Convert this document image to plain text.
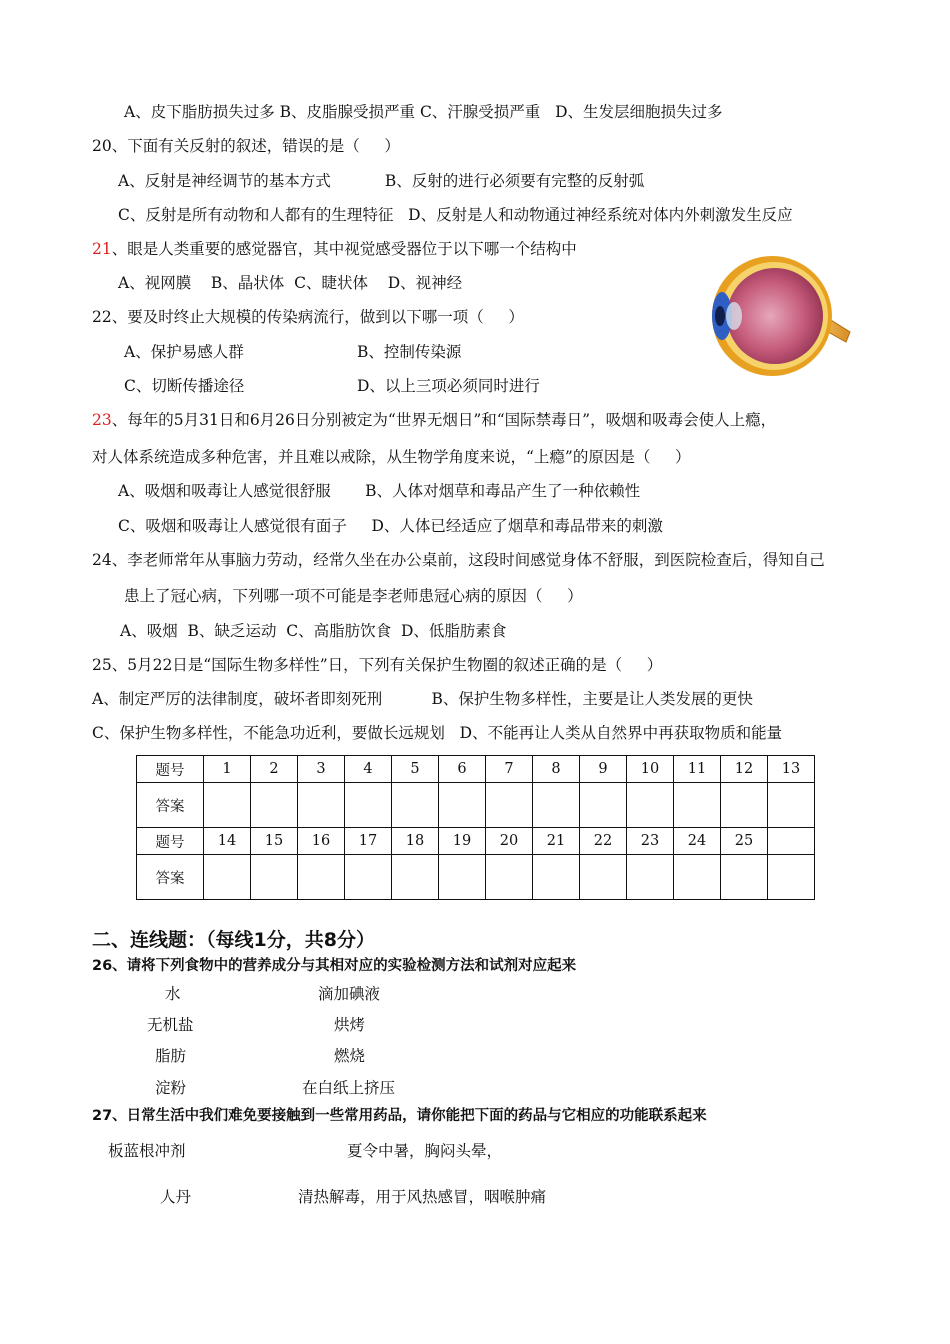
A、皮下脂肪损失过多 B、皮脂腺受损严重 C、汗腺受损严重   D、生发层细胞损失过多
20、下面有关反射的叙述，错误的是（     ）
A、反射是神经调节的基本方式           B、反射的进行必须要有完整的反射弧
C、反射是所有动物和人都有的生理特征   D、反射是人和动物通过神经系统对体内外刺激发生反应
21、眼是人类重要的感觉器官，其中视觉感受器位于以下哪一个结构中
A、视网膜    B、晶状体  C、睫状体    D、视神经
22、要及时终止大规模的传染病流行，做到以下哪一项（     ）
A、保护易感人群	B、控制传染源
C、切断传播途径	D、以上三项必须同时进行
23、每年的5月31日和6月26日分别被定为“世界无烟日”和“国际禁毒日”，吸烟和吸毒会使人上瘾，
对人体系统造成多种危害，并且难以戒除，从生物学角度来说，“上瘾”的原因是（     ）
A、吸烟和吸毒让人感觉很舒服       B、人体对烟草和毒品产生了一种依赖性
C、吸烟和吸毒让人感觉很有面子     D、人体已经适应了烟草和毒品带来的刺激
24、李老师常年从事脑力劳动，经常久坐在办公桌前，这段时间感觉身体不舒服，到医院检查后，得知自己
患上了冠心病，下列哪一项不可能是李老师患冠心病的原因（     ）
A、吸烟  B、缺乏运动  C、高脂肪饮食  D、低脂肪素食
25、5月22日是“国际生物多样性”日，下列有关保护生物圈的叙述正确的是（     ）
A、制定严厉的法律制度，破坏者即刻死刑          B、保护生物多样性，主要是让人类发展的更快
C、保护生物多样性，不能急功近利，要做长远规划   D、不能再让人类从自然界中再获取物质和能量
题号	1	2	3	4	5	6	7	8	9	10	11	12	13
答案													
题号	14	15	16	17	18	19	20	21	22	23	24	25	
答案													
二、连线题：（每线1分，共8分）
26、请将下列食物中的营养成分与其相对应的实验检测方法和试剂对应起来
水	滴加碘液
无机盐	烘烤
脂肪	燃烧
淀粉	在白纸上挤压
27、日常生活中我们难免要接触到一些常用药品，请你能把下面的药品与它相应的功能联系起来
板蓝根冲剂	夏令中暑，胸闷头晕，
人丹	清热解毒，用于风热感冒，咽喉肿痛
